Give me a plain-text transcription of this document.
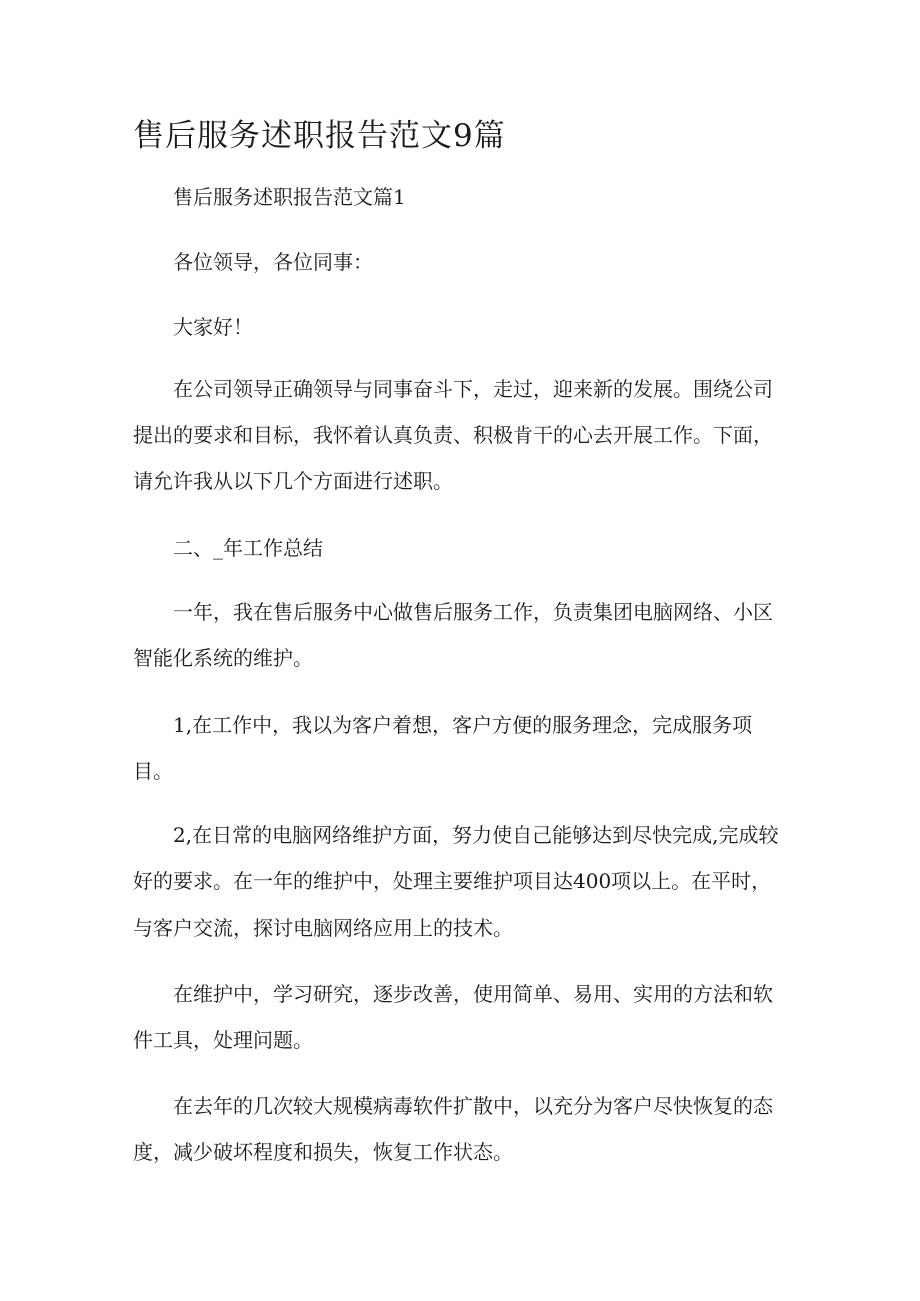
售后服务述职报告范文9篇

售后服务述职报告范文篇1

各位领导，各位同事：

大家好！

在公司领导正确领导与同事奋斗下，走过，迎来新的发展。围绕公司

提出的要求和目标，我怀着认真负责、积极肯干的心去开展工作。下面，

请允许我从以下几个方面进行述职。

二、_年工作总结

一年，我在售后服务中心做售后服务工作，负责集团电脑网络、小区

智能化系统的维护。

1,在工作中，我以为客户着想，客户方便的服务理念，完成服务项

目。

2,在日常的电脑网络维护方面，努力使自己能够达到尽快完成,完成较

好的要求。在一年的维护中，处理主要维护项目达400项以上。在平时，

与客户交流，探讨电脑网络应用上的技术。

在维护中，学习研究，逐步改善，使用简单、易用、实用的方法和软

件工具，处理问题。

在去年的几次较大规模病毒软件扩散中，以充分为客户尽快恢复的态

度，减少破坏程度和损失，恢复工作状态。
